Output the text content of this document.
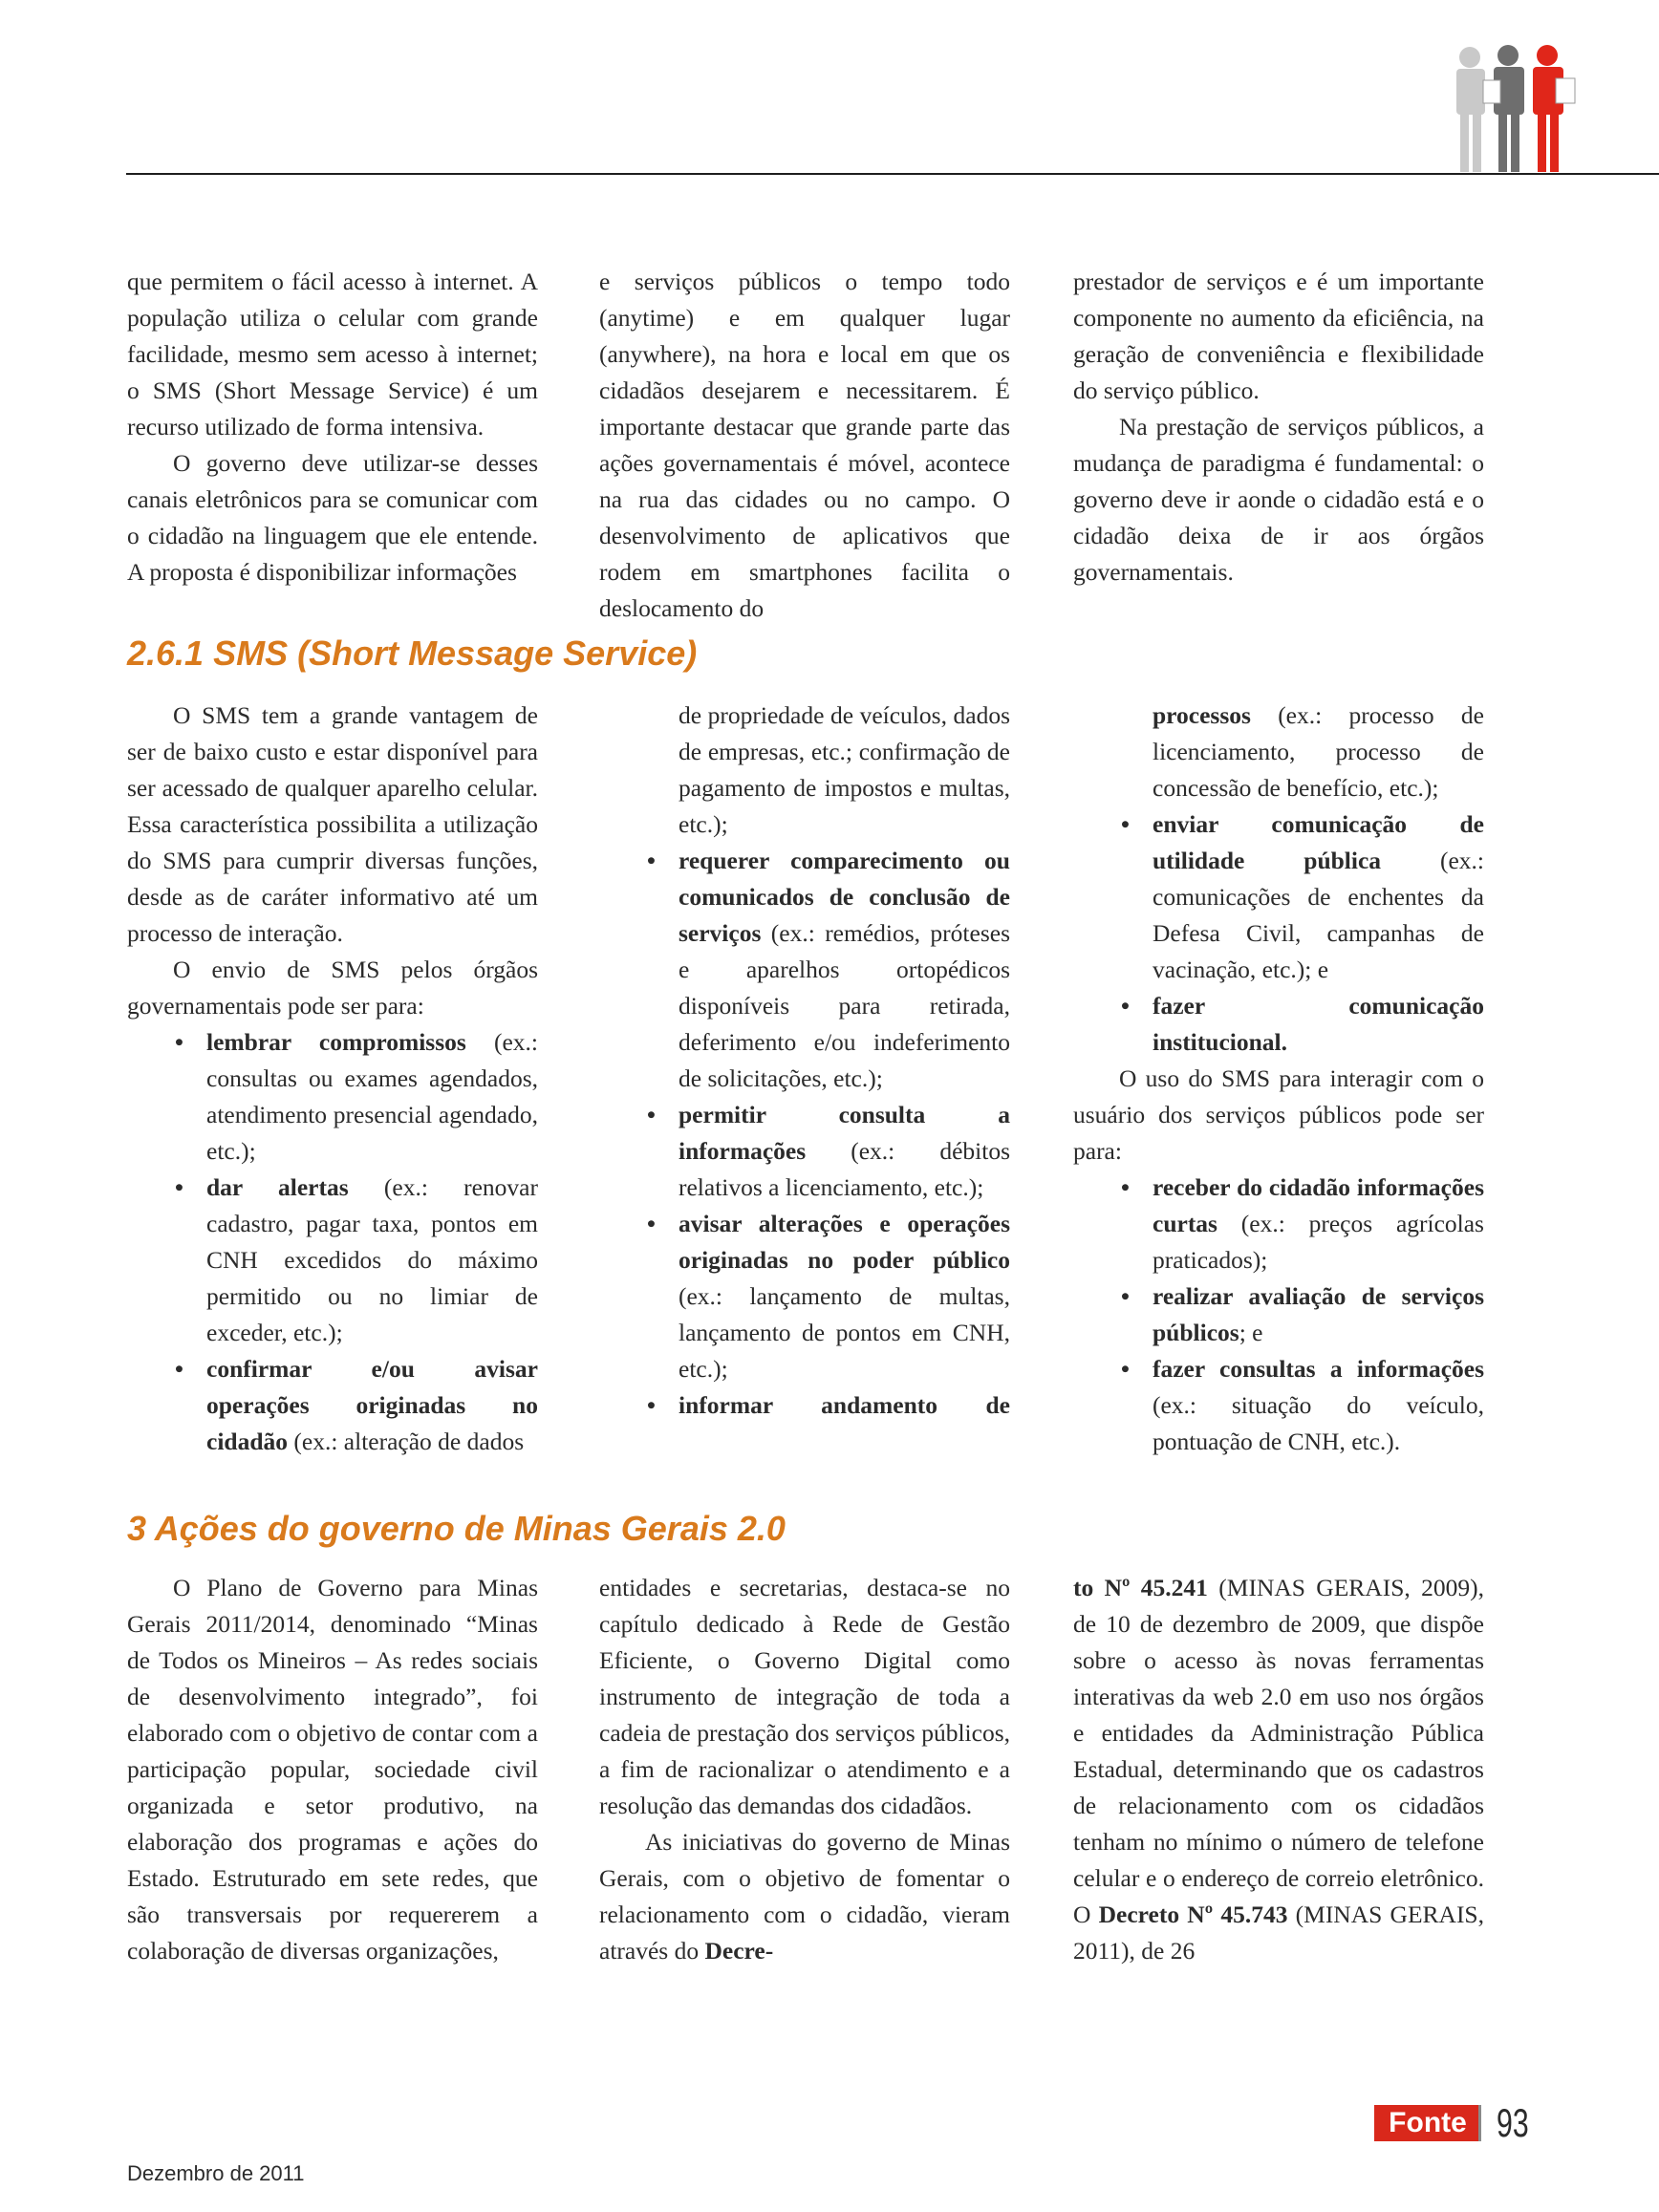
que permitem o fácil acesso à internet. A população utiliza o celular com grande facilidade, mesmo sem acesso à internet; o SMS (Short Message Service) é um recurso utilizado de forma intensiva.

O governo deve utilizar-se desses canais eletrônicos para se comunicar com o cidadão na linguagem que ele entende. A proposta é disponibilizar informações

e serviços públicos o tempo todo (anytime) e em qualquer lugar (anywhere), na hora e local em que os cidadãos desejarem e necessitarem. É importante destacar que grande parte das ações governamentais é móvel, acontece na rua das cidades ou no campo. O desenvolvimento de aplicativos que rodem em smartphones facilita o deslocamento do

prestador de serviços e é um importante componente no aumento da eficiência, na geração de conveniência e flexibilidade do serviço público.

Na prestação de serviços públicos, a mudança de paradigma é fundamental: o governo deve ir aonde o cidadão está e o cidadão deixa de ir aos órgãos governamentais.

2.6.1 SMS (Short Message Service)

O SMS tem a grande vantagem de ser de baixo custo e estar disponível para ser acessado de qualquer aparelho celular. Essa característica possibilita a utilização do SMS para cumprir diversas funções, desde as de caráter informativo até um processo de interação.

O envio de SMS pelos órgãos governamentais pode ser para:

• lembrar compromissos (ex.: consultas ou exames agendados, atendimento presencial agendado, etc.);
• dar alertas (ex.: renovar cadastro, pagar taxa, pontos em CNH excedidos do máximo permitido ou no limiar de exceder, etc.);
• confirmar e/ou avisar operações originadas no cidadão (ex.: alteração de dados

de propriedade de veículos, dados de empresas, etc.; confirmação de pagamento de impostos e multas, etc.);

• requerer comparecimento ou comunicados de conclusão de serviços (ex.: remédios, próteses e aparelhos ortopédicos disponíveis para retirada, deferimento e/ou indeferimento de solicitações, etc.);
• permitir consulta a informações (ex.: débitos relativos a licenciamento, etc.);
• avisar alterações e operações originadas no poder público (ex.: lançamento de multas, lançamento de pontos em CNH, etc.);
• informar andamento de

processos (ex.: processo de licenciamento, processo de concessão de benefício, etc.);

• enviar comunicação de utilidade pública (ex.: comunicações de enchentes da Defesa Civil, campanhas de vacinação, etc.); e
• fazer comunicação institucional.

O uso do SMS para interagir com o usuário dos serviços públicos pode ser para:

• receber do cidadão informações curtas (ex.: preços agrícolas praticados);
• realizar avaliação de serviços públicos; e
• fazer consultas a informações (ex.: situação do veículo, pontuação de CNH, etc.).
3 Ações do governo de Minas Gerais 2.0

O Plano de Governo para Minas Gerais 2011/2014, denominado “Minas de Todos os Mineiros – As redes sociais de desenvolvimento integrado”, foi elaborado com o objetivo de contar com a participação popular, sociedade civil organizada e setor produtivo, na elaboração dos programas e ações do Estado. Estruturado em sete redes, que são transversais por requererem a colaboração de diversas organizações,

entidades e secretarias, destaca-se no capítulo dedicado à Rede de Gestão Eficiente, o Governo Digital como instrumento de integração de toda a cadeia de prestação dos serviços públicos, a fim de racionalizar o atendimento e a resolução das demandas dos cidadãos.

As iniciativas do governo de Minas Gerais, com o objetivo de fomentar o relacionamento com o cidadão, vieram através do Decre-

to Nº 45.241 (MINAS GERAIS, 2009), de 10 de dezembro de 2009, que dispõe sobre o acesso às novas ferramentas interativas da web 2.0 em uso nos órgãos e entidades da Administração Pública Estadual, determinando que os cadastros de relacionamento com os cidadãos tenham no mínimo o número de telefone celular e o endereço de correio eletrônico. O Decreto Nº 45.743 (MINAS GERAIS, 2011), de 26

Dezembro de 2011
Fonte 93
